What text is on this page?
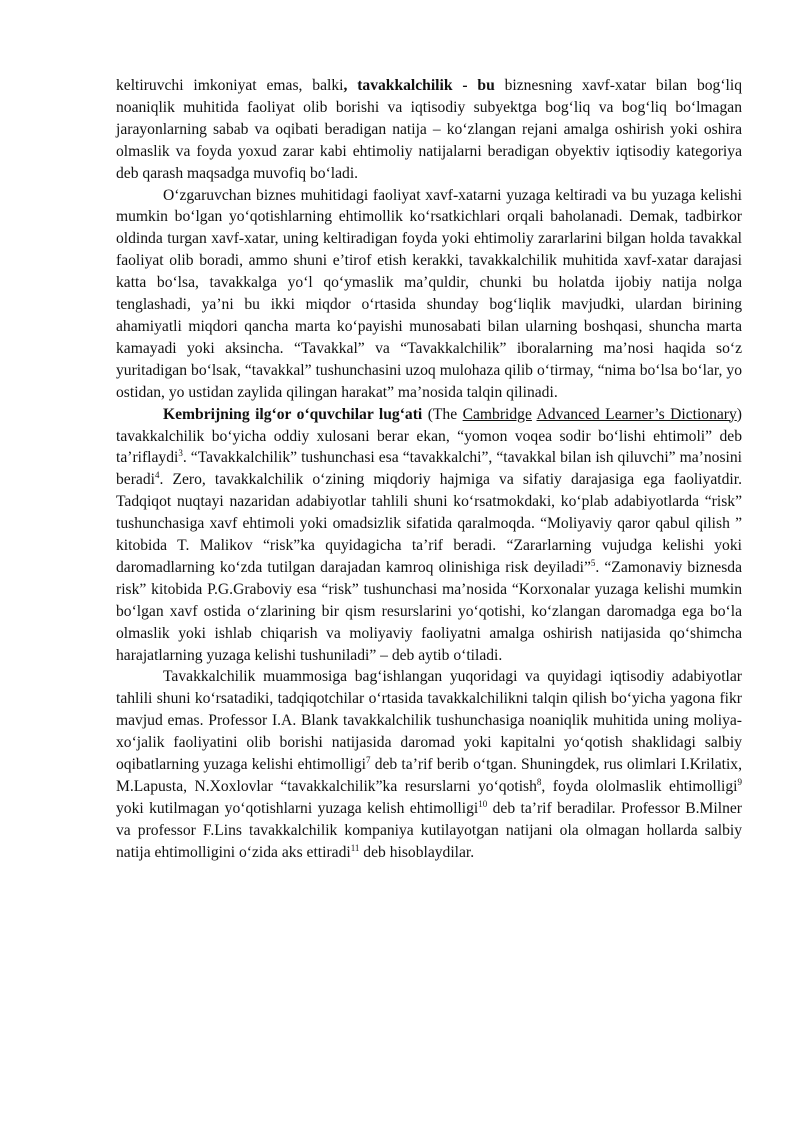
keltiruvchi imkoniyat emas, balki, tavakkalchilik - bu biznesning xavf-xatar bilan bog‘liq noaniqlik muhitida faoliyat olib borishi va iqtisodiy subyektga bog‘liq va bog‘liq bo‘lmagan jarayonlarning sabab va oqibati beradigan natija – ko‘zlangan rejani amalga oshirish yoki oshira olmaslik va foyda yoxud zarar kabi ehtimoliy natijalarni beradigan obyektiv iqtisodiy kategoriya deb qarash maqsadga muvofiq bo‘ladi.

O‘zgaruvchan biznes muhitidagi faoliyat xavf-xatarni yuzaga keltiradi va bu yuzaga kelishi mumkin bo‘lgan yo‘qotishlarning ehtimollik ko‘rsatkichlari orqali baholanadi. Demak, tadbirkor oldinda turgan xavf-xatar, uning keltiradigan foyda yoki ehtimoliy zararlarini bilgan holda tavakkal faoliyat olib boradi, ammo shuni e’tirof etish kerakki, tavakkalchilik muhitida xavf-xatar darajasi katta bo‘lsa, tavakkalga yo‘l qo‘ymaslik ma’quldir, chunki bu holatda ijobiy natija nolga tenglashadi, ya’ni bu ikki miqdor o‘rtasida shunday bog‘liqlik mavjudki, ulardan birining ahamiyatli miqdori qancha marta ko‘payishi munosabati bilan ularning boshqasi, shuncha marta kamayadi yoki aksincha. “Tavakkal” va “Tavakkalchilik” iboralarning ma’nosi haqida so‘z yuritadigan bo‘lsak, “tavakkal” tushunchasini uzoq mulohaza qilib o‘tirmay, “nima bo‘lsa bo‘lar, yo ostidan, yo ustidan zaylida qilingan harakat” ma’nosida talqin qilinadi.

Kembrijning ilg‘or o‘quvchilar lug‘ati (The Cambridge Advanced Learner’s Dictionary) tavakkalchilik bo‘yicha oddiy xulosani berar ekan, “yomon voqea sodir bo‘lishi ehtimoli” deb ta’riflaydi$^3$. “Tavakkalchilik” tushunchasi esa “tavakkalchi”, “tavakkal bilan ish qiluvchi” ma’nosini beradi$^4$. Zero, tavakkalchilik o‘zining miqdoriy hajmiga va sifatiy darajasiga ega faoliyatdir. Tadqiqot nuqtayi nazaridan adabiyotlar tahlili shuni ko‘rsatmokdaki, ko‘plab adabiyotlarda “risk” tushunchasiga xavf ehtimoli yoki omadsizlik sifatida qaralmoqda. “Moliyaviy qaror qabul qilish ” kitobida T. Malikov “risk”ka quyidagicha ta’rif beradi. “Zararlarning vujudga kelishi yoki daromadlarning ko‘zda tutilgan darajadan kamroq olinishiga risk deyiladi”$^5$. “Zamonaviy biznesda risk” kitobida P.G.Graboviy esa “risk” tushunchasi ma’nosida “Korxonalar yuzaga kelishi mumkin bo‘lgan xavf ostida o‘zlarining bir qism resurslarini yo‘qotishi, ko‘zlangan daromadga ega bo‘la olmaslik yoki ishlab chiqarish va moliyaviy faoliyatni amalga oshirish natijasida qo‘shimcha harajatlarning yuzaga kelishi tushuniladi” – deb aytib o‘tiladi.

Tavakkalchilik muammosiga bag‘ishlangan yuqoridagi va quyidagi iqtisodiy adabiyotlar tahlili shuni ko‘rsatadiki, tadqiqotchilar o‘rtasida tavakkalchilikni talqin qilish bo‘yicha yagona fikr mavjud emas. Professor I.A. Blank tavakkalchilik tushunchasiga noaniqlik muhitida uning moliya-xo‘jalik faoliyatini olib borishi natijasida daromad yoki kapitalni yo‘qotish shaklidagi salbiy oqibatlarning yuzaga kelishi ehtimolligi$^7$ deb ta’rif berib o‘tgan. Shuningdek, rus olimlari I.Krilatix, M.Lapusta, N.Xoxlovlar “tavakkalchilik”ka resurslarni yo‘qotish$^8$, foyda ololmaslik ehtimolligi$^9$ yoki kutilmagan yo‘qotishlarni yuzaga kelish ehtimolligi$^{10}$ deb ta’rif beradilar. Professor B.Milner va professor F.Lins tavakkalchilik kompaniya kutilayotgan natijani ola olmagan hollarda salbiy natija ehtimolligini o‘zida aks ettiradi$^{11}$ deb hisoblaydilar.
